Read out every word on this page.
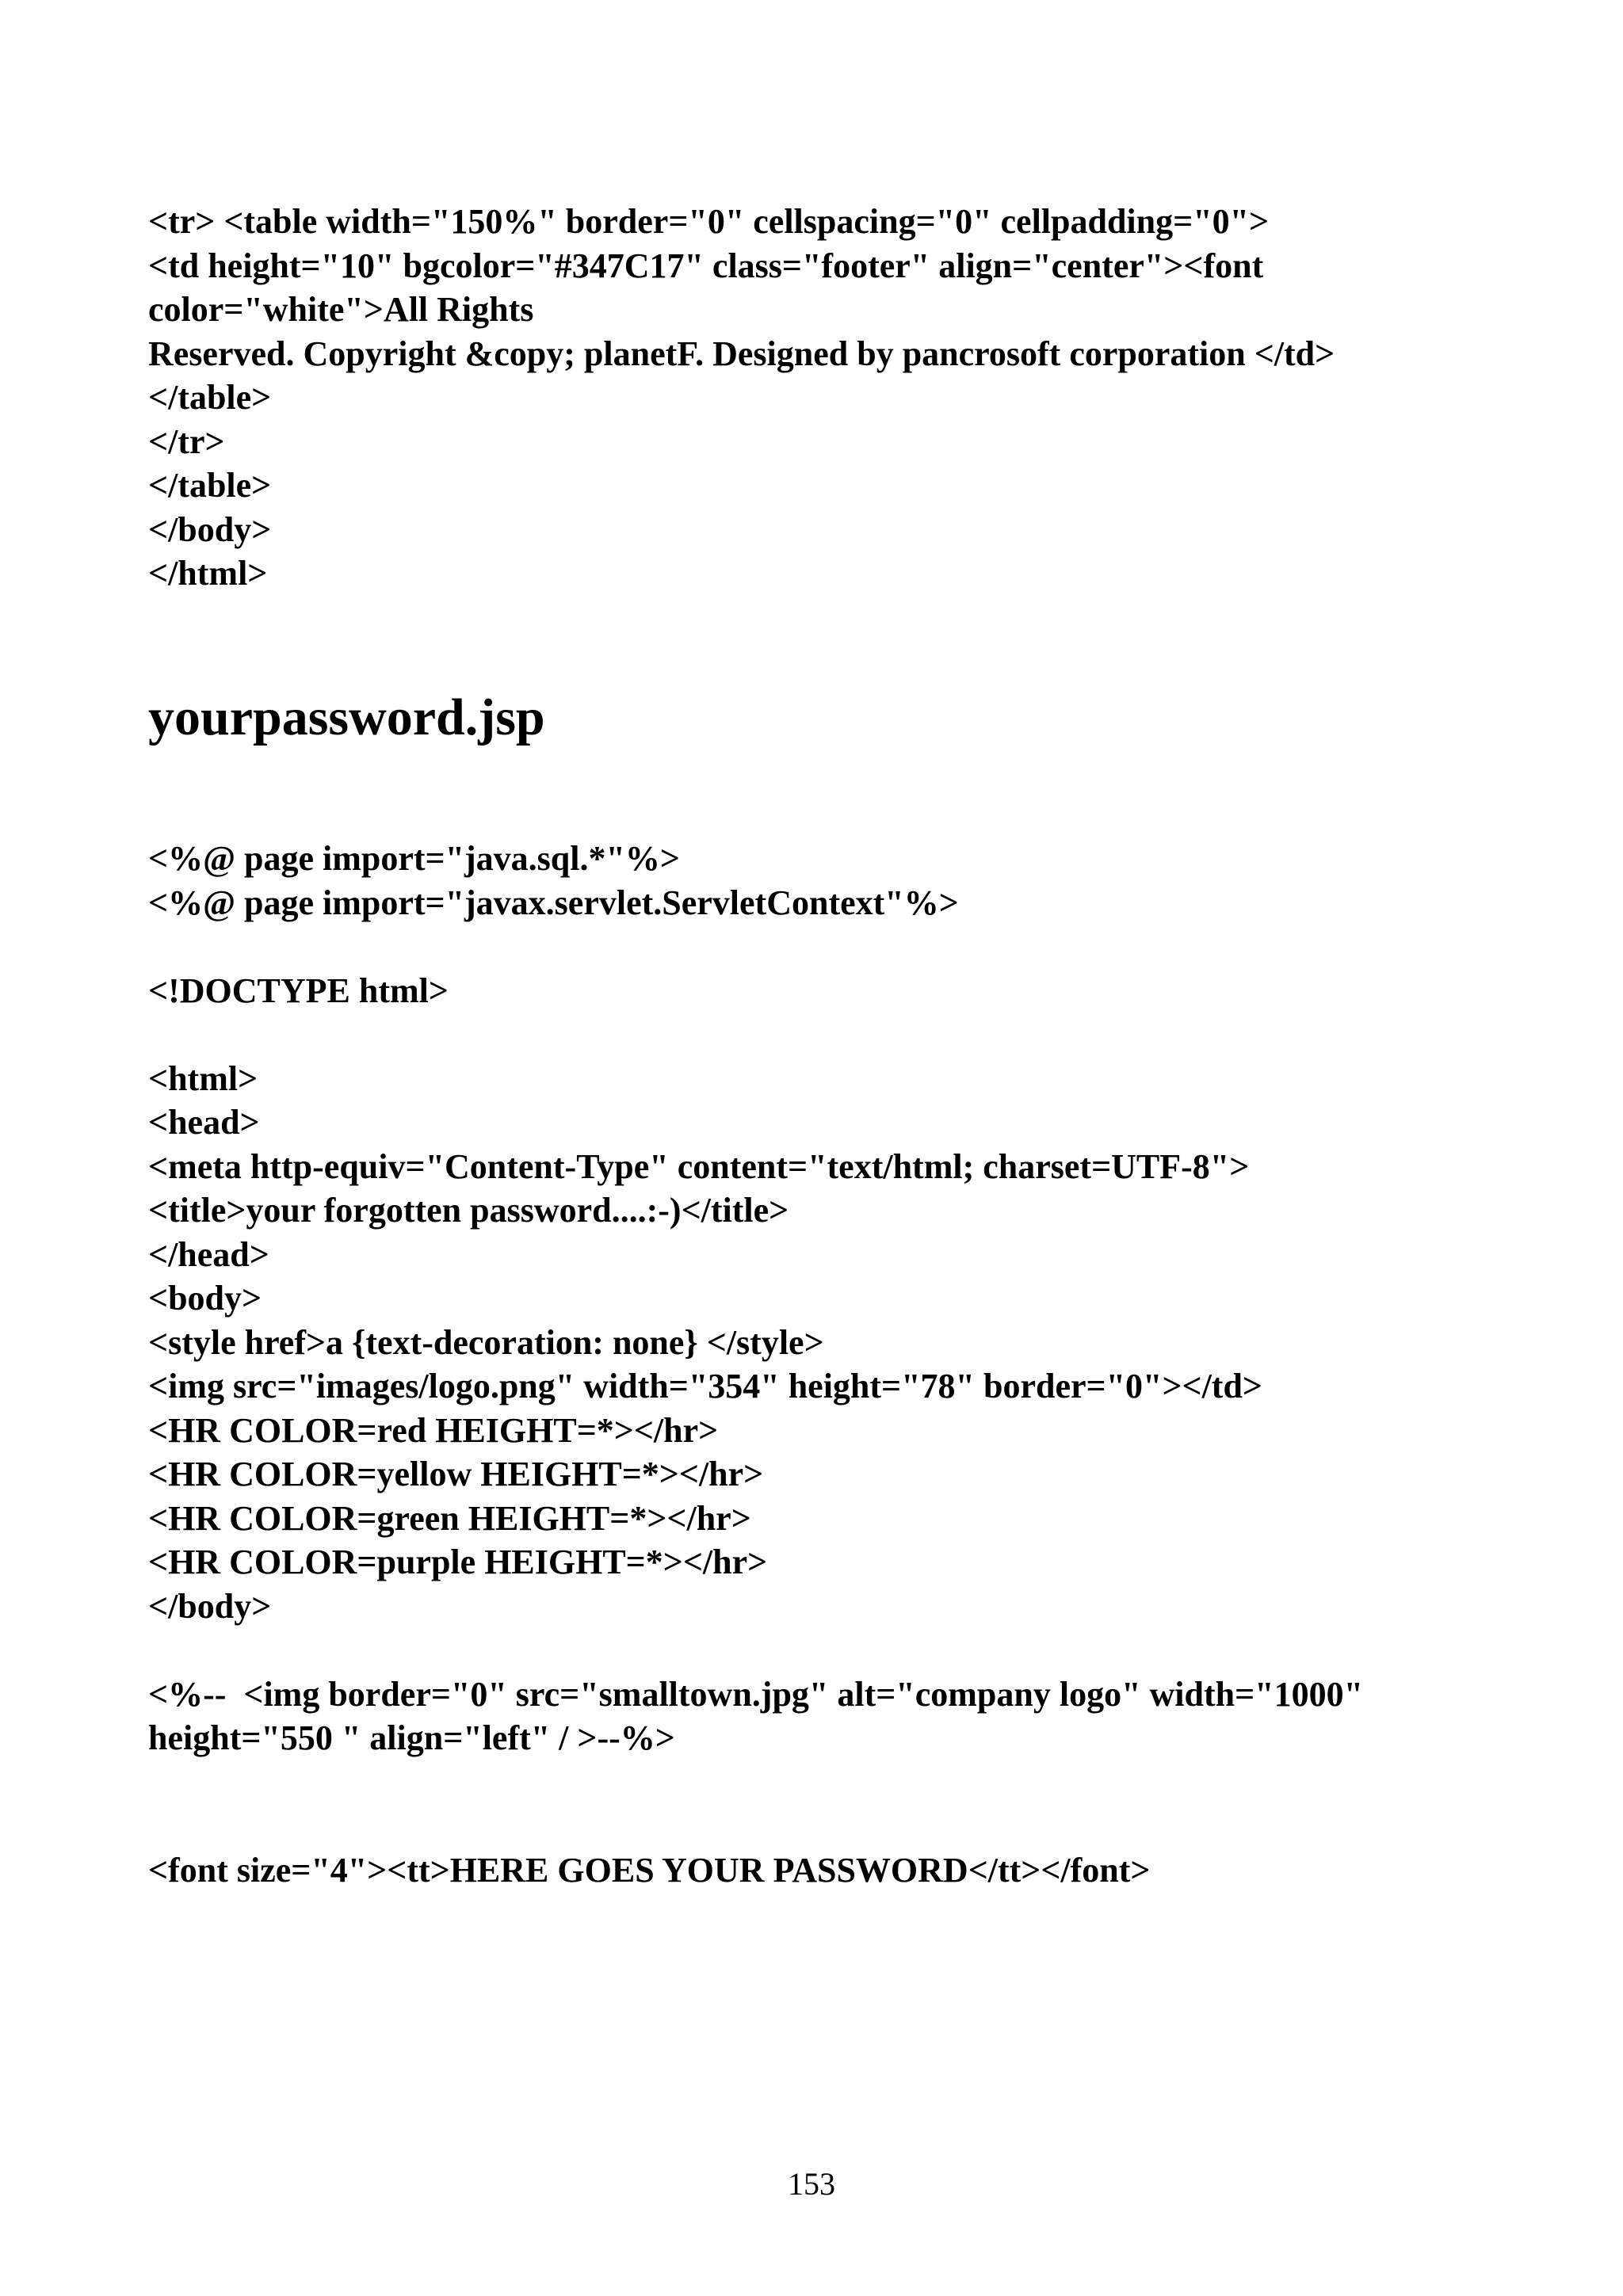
<tr> <table width="150%" border="0" cellspacing="0" cellpadding="0">

<td height="10" bgcolor="#347C17" class="footer" align="center"><font

color="white">All Rights

Reserved. Copyright &copy; planetF. Designed by pancrosoft corporation </td>

</table>

</tr>

</table>

</body>

</html>

yourpassword.jsp

<%@ page import="java.sql.*"%>

<%@ page import="javax.servlet.ServletContext"%>

<!DOCTYPE html>

<html>

<head>

<meta http-equiv="Content-Type" content="text/html; charset=UTF-8">

<title>your forgotten password....:-)</title>

</head>

<body>

<style href>a {text-decoration: none} </style>

<img src="images/logo.png" width="354" height="78" border="0"></td>

<HR COLOR=red HEIGHT=*></hr>

<HR COLOR=yellow HEIGHT=*></hr>

<HR COLOR=green HEIGHT=*></hr>

<HR COLOR=purple HEIGHT=*></hr>

</body>

<%--  <img border="0" src="smalltown.jpg" alt="company logo" width="1000"

height="550 " align="left" / >--%>

<font size="4"><tt>HERE GOES YOUR PASSWORD</tt></font>

153
